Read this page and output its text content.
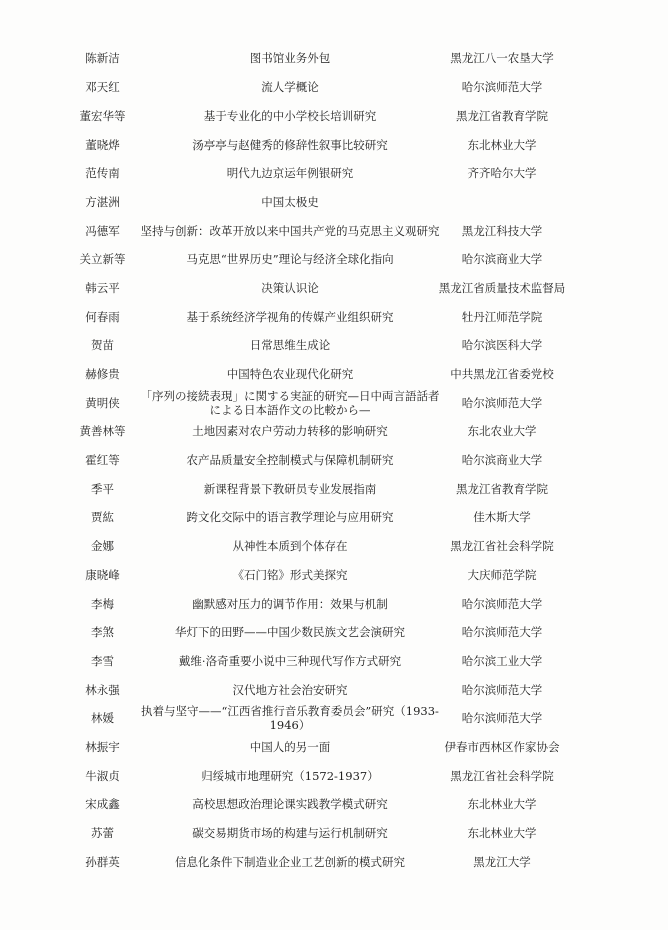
陈新洁	图书馆业务外包	黑龙江八一农垦大学
邓天红	流人学概论	哈尔滨师范大学
董宏华等	基于专业化的中小学校长培训研究	黑龙江省教育学院
董晓烨	汤亭亭与赵健秀的修辞性叙事比较研究	东北林业大学
范传南	明代九边京运年例银研究	齐齐哈尔大学
方湛洲	中国太极史
冯德军	坚持与创新：改革开放以来中国共产党的马克思主义观研究	黑龙江科技大学
关立新等	马克思“世界历史”理论与经济全球化指向	哈尔滨商业大学
韩云平	决策认识论	黑龙江省质量技术监督局
何春雨	基于系统经济学视角的传媒产业组织研究	牡丹江师范学院
贺苗	日常思维生成论	哈尔滨医科大学
赫修贵	中国特色农业现代化研究	中共黑龙江省委党校
黄明侠	「序列の接続表現」に関する実証的研究—日中両言語話者による日本語作文の比較から—	哈尔滨师范大学
黄善林等	土地因素对农户劳动力转移的影响研究	东北农业大学
霍红等	农产品质量安全控制模式与保障机制研究	哈尔滨商业大学
季平	新课程背景下教研员专业发展指南	黑龙江省教育学院
贾紘	跨文化交际中的语言教学理论与应用研究	佳木斯大学
金娜	从神性本质到个体存在	黑龙江省社会科学院
康晓峰	《石门铭》形式美探究	大庆师范学院
李梅	幽默感对压力的调节作用：效果与机制	哈尔滨师范大学
李煞	华灯下的田野——中国少数民族文艺会演研究	哈尔滨师范大学
李雪	戴维·洛奇重要小说中三种现代写作方式研究	哈尔滨工业大学
林永强	汉代地方社会治安研究	哈尔滨师范大学
林媛	执着与坚守——“江西省推行音乐教育委员会”研究（1933-1946）	哈尔滨师范大学
林振宇	中国人的另一面	伊春市西林区作家协会
牛淑贞	归绥城市地理研究（1572-1937）	黑龙江省社会科学院
宋成鑫	高校思想政治理论课实践教学模式研究	东北林业大学
苏蕾	碳交易期货市场的构建与运行机制研究	东北林业大学
孙群英	信息化条件下制造业企业工艺创新的模式研究	黑龙江大学
